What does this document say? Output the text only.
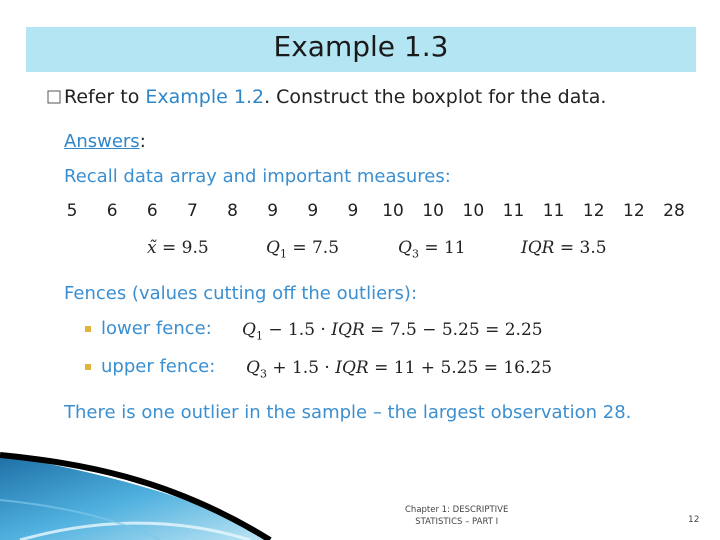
Example 1.3
Refer to Example 1.2. Construct the boxplot for the data.
Answers:
Recall data array and important measures:
5 6 6 7 8 9 9 9 10 10 10 11 11 12 12 28
x̃ = 9.5	$Q_1 = 7.5$	$Q_3 = 11$	IQR = 3.5
Fences (values cutting off the outliers):
lower fence: $Q_1 - 1.5$ · IQR = 7.5 − 5.25 = 2.25
upper fence: $Q_3 + 1.5$ · IQR = 11 + 5.25 = 16.25
There is one outlier in the sample – the largest observation 28.
Chapter 1: DESCRIPTIVE
STATISTICS – PART I	12
